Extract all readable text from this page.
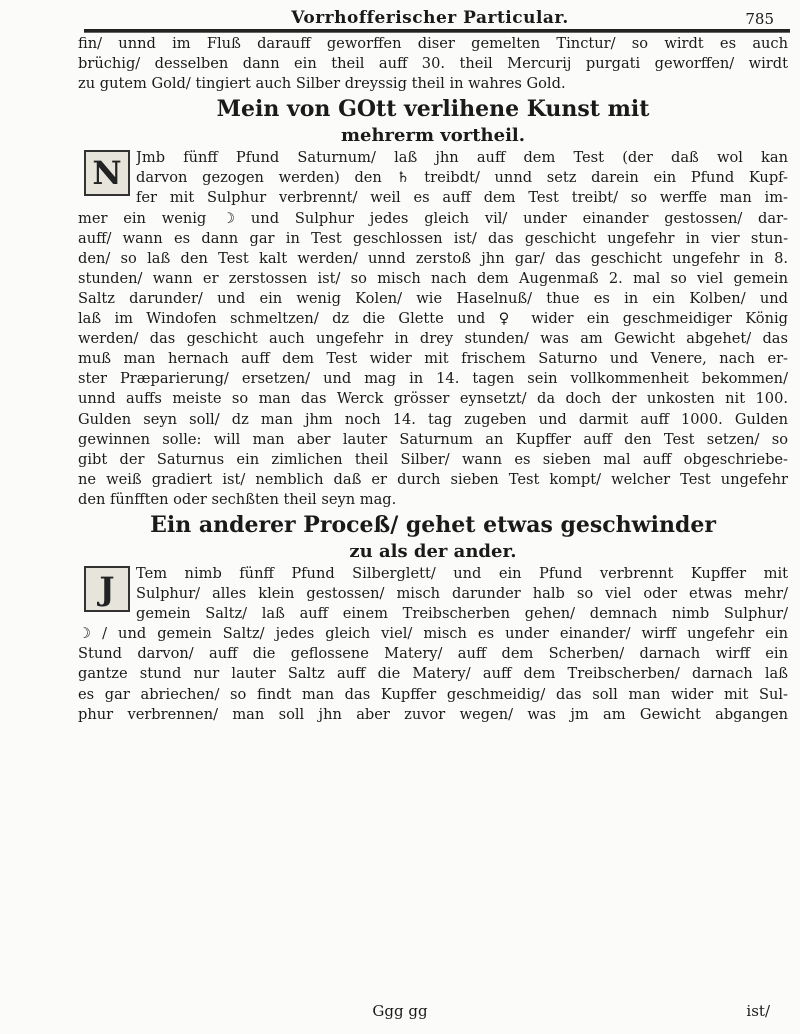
Vorrhofferischer Particular.	785
fin/ unnd im Fluß darauff geworffen diser gemelten Tinctur/ so wirdt es auch
brüchig/ desselben dann ein theil auff 30. theil Mercurij purgati geworffen/ wirdt
zu gutem Gold/ tingiert auch Silber dreyssig theil in wahres Gold.
Mein von GOtt verlihene Kunst mit
mehrerm vortheil.
N Jmb fünff Pfund Saturnum/ laß jhn auff dem Test (der daß wol kan
darvon gezogen werden) den ♄ treibdt/ unnd setz darein ein Pfund Kupf-
fer mit Sulphur verbrennt/ weil es auff dem Test treibt/ so werffe man im-
mer ein wenig ☽ und Sulphur jedes gleich vil/ under einander gestossen/ dar-
auff/ wann es dann gar in Test geschlossen ist/ das geschicht ungefehr in vier stun-
den/ so laß den Test kalt werden/ unnd zerstoß jhn gar/ das geschicht ungefehr in 8.
stunden/ wann er zerstossen ist/ so misch nach dem Augenmaß 2. mal so viel gemein
Saltz darunder/ und ein wenig Kolen/ wie Haselnuß/ thue es in ein Kolben/ und
laß im Windofen schmeltzen/ dz die Glette und ♀ wider ein geschmeidiger König
werden/ das geschicht auch ungefehr in drey stunden/ was am Gewicht abgehet/ das
muß man hernach auff dem Test wider mit frischem Saturno und Venere, nach er-
ster Præparierung/ ersetzen/ und mag in 14. tagen sein vollkommenheit bekommen/
unnd auffs meiste so man das Werck grösser eynsetzt/ da doch der unkosten nit 100.
Gulden seyn soll/ dz man jhm noch 14. tag zugeben und darmit auff 1000. Gulden
gewinnen solle: will man aber lauter Saturnum an Kupffer auff den Test setzen/ so
gibt der Saturnus ein zimlichen theil Silber/ wann es sieben mal auff obgeschriebe-
ne weiß gradiert ist/ nemblich daß er durch sieben Test kompt/ welcher Test ungefehr
den fünfften oder sechßten theil seyn mag.
Ein anderer Proceß/ gehet etwas geschwinder
zu als der ander.
J	Tem nimb fünff Pfund Silberglett/ und ein Pfund verbrennt Kupffer mit
Sulphur/ alles klein gestossen/ misch darunder halb so viel oder etwas mehr/
gemein Saltz/ laß auff einem Treibscherben gehen/ demnach nimb Sulphur/
☽ / und gemein Saltz/ jedes gleich viel/ misch es under einander/ wirff ungefehr ein
Stund darvon/ auff die geflossene Matery/ auff dem Scherben/ darnach wirff ein
gantze stund nur lauter Saltz auff die Matery/ auff dem Treibscherben/ darnach laß
es gar abriechen/ so findt man das Kupffer geschmeidig/ das soll man wider mit Sul-
phur verbrennen/ man soll jhn aber zuvor wegen/ was jm am Gewicht abgangen
Ggg gg	ist/
